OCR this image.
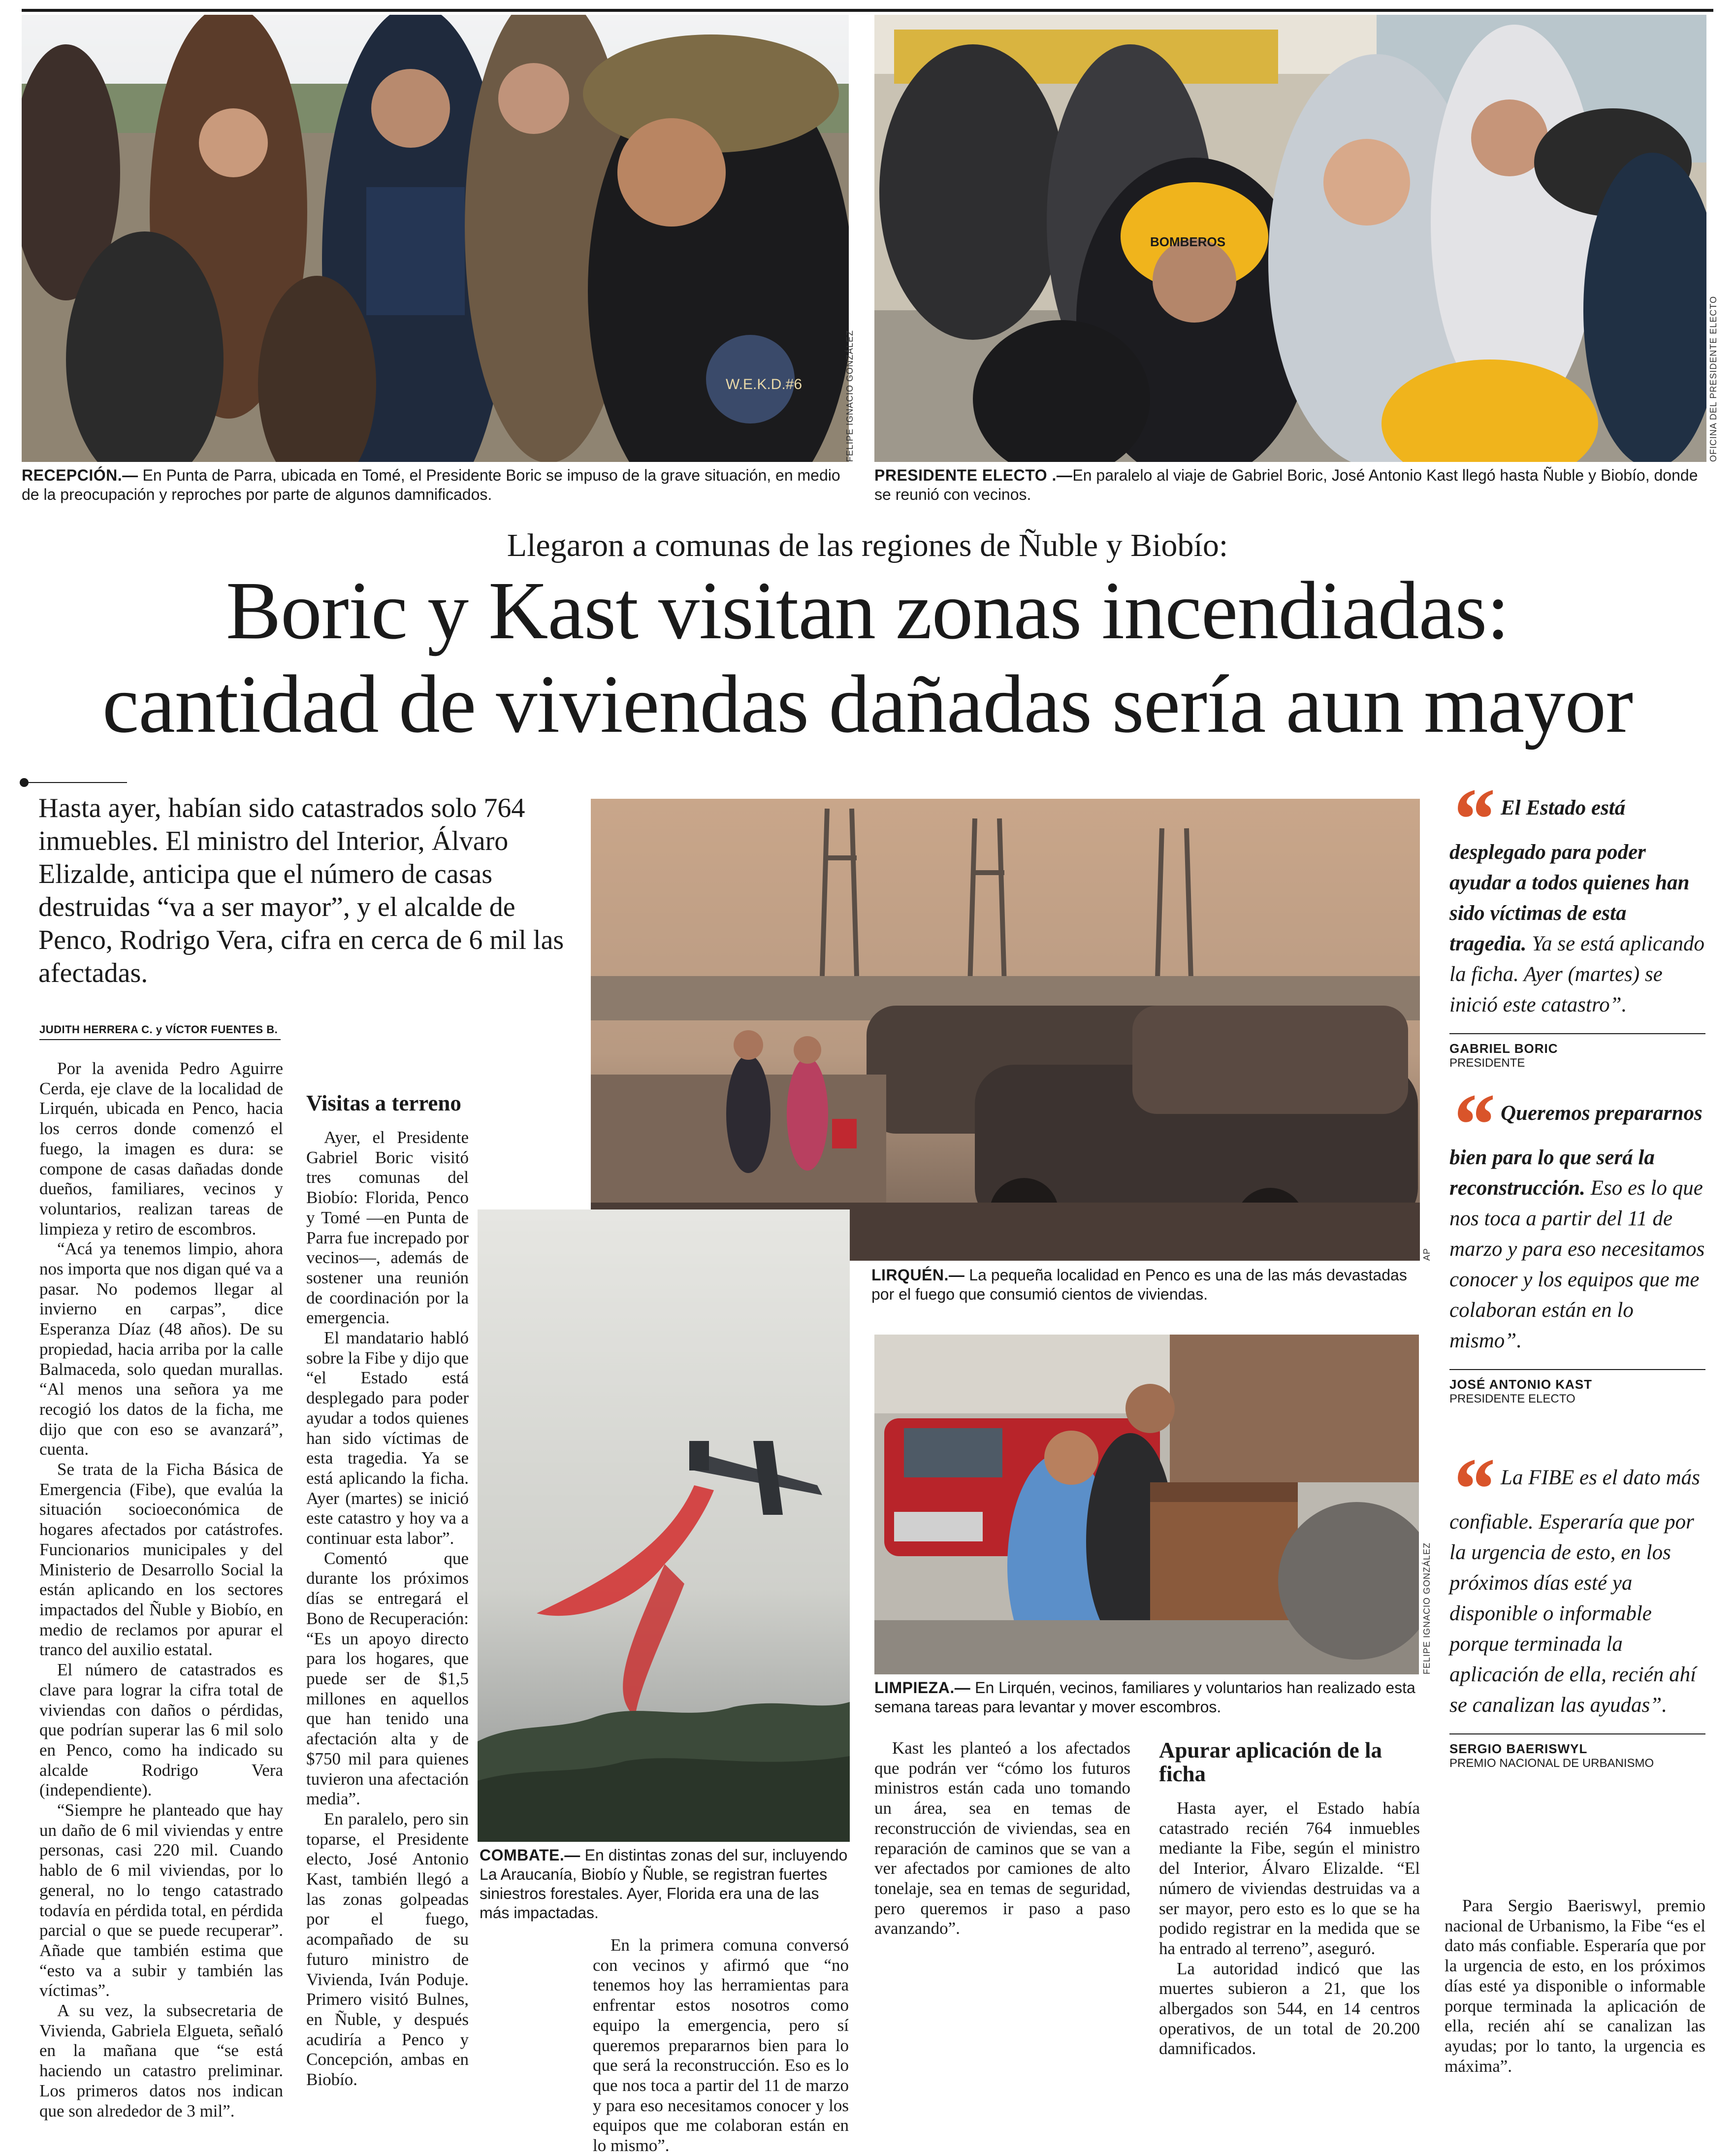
W.E.K.D.#6	FELIPE IGNACIO GONZÁLEZ
RECEPCIÓN.— En Punta de Parra, ubicada en Tomé, el Presidente Boric se impuso de la grave situación, en medio de la preocupación y reproches por parte de algunos damnificados.
BOMBEROS
OFICINA DEL PRESIDENTE ELECTO
PRESIDENTE ELECTO .—En paralelo al viaje de Gabriel Boric, José Antonio Kast llegó hasta Ñuble y Biobío, donde se reunió con vecinos.
Llegaron a comunas de las regiones de Ñuble y Biobío:
Boric y Kast visitan zonas incendiadas:
cantidad de viviendas dañadas sería aun mayor
Hasta ayer, habían sido catastrados solo 764 inmuebles. El ministro del Interior, Álvaro Elizalde, anticipa que el número de casas destruidas “va a ser mayor”, y el alcalde de Penco, Rodrigo Vera, cifra en cerca de 6 mil las afectadas.
JUDITH HERRERA C. y VÍCTOR FUENTES B.

Por la avenida Pedro Aguirre Cerda, eje clave de la localidad de Lirquén, ubicada en Penco, hacia los cerros donde comenzó el fuego, la imagen es dura: se compone de casas dañadas donde dueños, familiares, vecinos y voluntarios, realizan tareas de limpieza y retiro de escombros.

“Acá ya tenemos limpio, ahora nos importa que nos digan qué va a pasar. No podemos llegar al invierno en carpas”, dice Esperanza Díaz (48 años). De su propiedad, hacia arriba por la calle Balmaceda, solo quedan murallas. “Al menos una señora ya me recogió los datos de la ficha, me dijo que con eso se avanzará”, cuenta.

Se trata de la Ficha Básica de Emergencia (Fibe), que evalúa la situación socioeconómica de hogares afectados por catástrofes. Funcionarios municipales y del Ministerio de Desarrollo Social la están aplicando en los sectores impactados del Ñuble y Biobío, en medio de reclamos por apurar el tranco del auxilio estatal.

El número de catastrados es clave para lograr la cifra total de viviendas con daños o pérdidas, que podrían superar las 6 mil solo en Penco, como ha indicado su alcalde Rodrigo Vera (independiente).

“Siempre he planteado que hay un daño de 6 mil viviendas y entre personas, casi 220 mil. Cuando hablo de 6 mil viviendas, por lo general, no lo tengo catastrado todavía en pérdida total, en pérdida parcial o que se puede recuperar”. Añade que también estima que “esto va a subir y también las víctimas”.

A su vez, la subsecretaria de Vivienda, Gabriela Elgueta, señaló en la mañana que “se está haciendo un catastro preliminar. Los primeros datos nos indican que son alrededor de 3 mil”.

Visitas a terreno

Ayer, el Presidente Gabriel Boric visitó tres comunas del Biobío: Florida, Penco y Tomé —en Punta de Parra fue increpado por vecinos—, además de sostener una reunión de coordinación por la emergencia.

El mandatario habló sobre la Fibe y dijo que “el Estado está desplegado para poder ayudar a todos quienes han sido víctimas de esta tragedia. Ya se está aplicando la ficha. Ayer (martes) se inició este catastro y hoy va a continuar esta labor”.

Comentó que durante los próximos días se entregará el Bono de Recuperación: “Es un apoyo directo para los hogares, que puede ser de $1,5 millones en aquellos que han tenido una afectación alta y de $750 mil para quienes tuvieron una afectación media”.

En paralelo, pero sin toparse, el Presidente electo, José Antonio Kast, también llegó a las zonas golpeadas por el fuego, acompañado de su futuro ministro de Vivienda, Iván Poduje. Primero visitó Bulnes, en Ñuble, y después acudiría a Penco y Concepción, ambas en Biobío.

AP
LIRQUÉN.— La pequeña localidad en Penco es una de las más devastadas por el fuego que consumió cientos de viviendas.
COMBATE.— En distintas zonas del sur, incluyendo La Araucanía, Biobío y Ñuble, se registran fuertes siniestros forestales. Ayer, Florida era una de las más impactadas.
FELIPE IGNACIO GONZÁLEZ
LIMPIEZA.— En Lirquén, vecinos, familiares y voluntarios han realizado esta semana tareas para levantar y mover escombros.

En la primera comuna conversó con vecinos y afirmó que “no tenemos hoy las herramientas para enfrentar estos nosotros como equipo la emergencia, pero sí queremos prepararnos bien para lo que será la reconstrucción. Eso es lo que nos toca a partir del 11 de marzo y para eso necesitamos conocer y los equipos que me colaboran están en lo mismo”.

Kast les planteó a los afectados que podrán ver “cómo los futuros ministros están cada uno tomando un área, sea en temas de reconstrucción de viviendas, sea en reparación de caminos que se van a ver afectados por camiones de alto tonelaje, sea en temas de seguridad, pero queremos ir paso a paso avanzando”.

Apurar aplicación de la ficha

Hasta ayer, el Estado había catastrado recién 764 inmuebles mediante la Fibe, según el ministro del Interior, Álvaro Elizalde. “El número de viviendas destruidas va a ser mayor, pero esto es lo que se ha podido registrar en la medida que se ha entrado al terreno”, aseguró.

La autoridad indicó que las muertes subieron a 21, que los albergados son 544, en 14 centros operativos, de un total de 20.200 damnificados.

“ El Estado está desplegado para poder ayudar a todos quienes han sido víctimas de esta tragedia. Ya se está aplicando la ficha. Ayer (martes) se inició este catastro”.
GABRIEL BORIC
PRESIDENTE
“ Queremos prepararnos bien para lo que será la reconstrucción. Eso es lo que nos toca a partir del 11 de marzo y para eso necesitamos conocer y los equipos que me colaboran están en lo mismo”.
JOSÉ ANTONIO KAST
PRESIDENTE ELECTO
“ La FIBE es el dato más confiable. Esperaría que por la urgencia de esto, en los próximos días esté ya disponible o informable porque terminada la aplicación de ella, recién ahí se canalizan las ayudas”.
SERGIO BAERISWYL
PREMIO NACIONAL DE URBANISMO

Para Sergio Baeriswyl, premio nacional de Urbanismo, la Fibe “es el dato más confiable. Esperaría que por la urgencia de esto, en los próximos días esté ya disponible o informable porque terminada la aplicación de ella, recién ahí se canalizan las ayudas; por lo tanto, la urgencia es máxima”.
